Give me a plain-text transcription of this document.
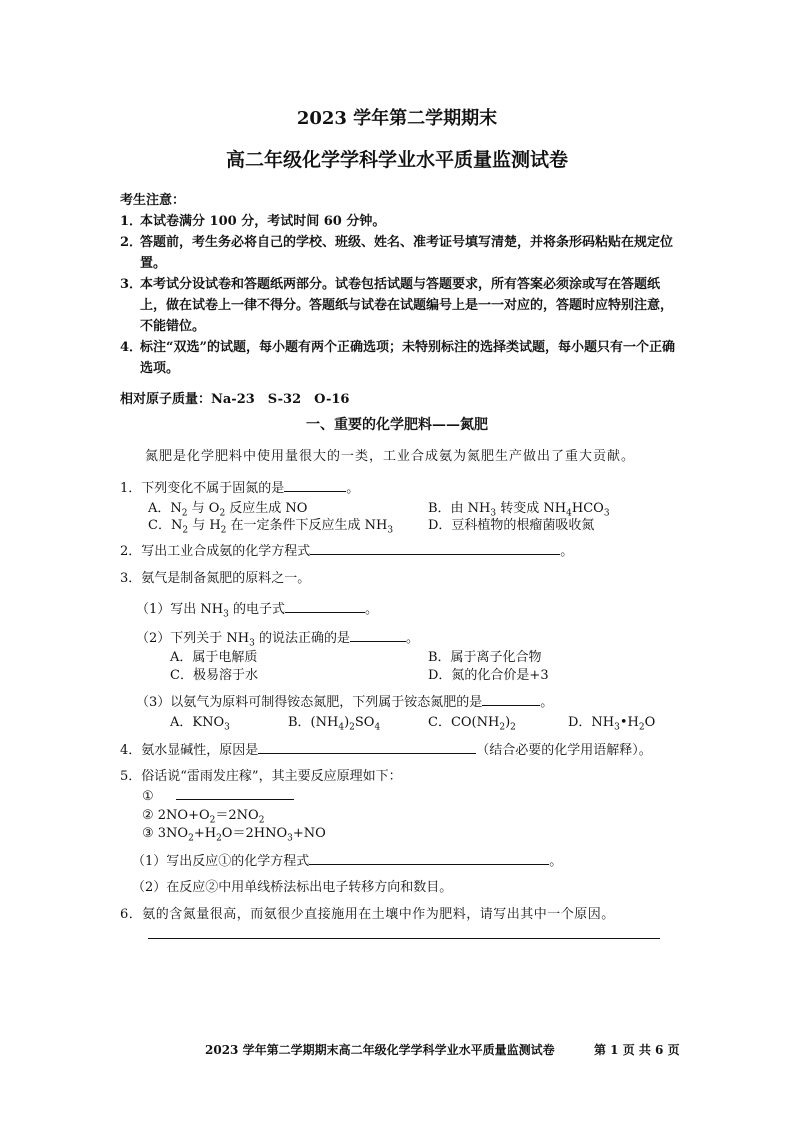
2023 学年第二学期期末
高二年级化学学科学业水平质量监测试卷
考生注意：
1．
本试卷满分 100 分，考试时间 60 分钟。
2．
答题前，考生务必将自己的学校、班级、姓名、准考证号填写清楚，并将条形码粘贴在规定位置。
3．
本考试分设试卷和答题纸两部分。试卷包括试题与答题要求，所有答案必须涂或写在答题纸上，做在试卷上一律不得分。答题纸与试卷在试题编号上是一一对应的，答题时应特别注意，不能错位。
4．
标注“双选”的试题，每小题有两个正确选项；未特别标注的选择类试题，每小题只有一个正确选项。
相对原子质量：Na-23　S-32　O-16
一、重要的化学肥料——氮肥
氮肥是化学肥料中使用量很大的一类，工业合成氨为氮肥生产做出了重大贡献。
1．下列变化不属于固氮的是	。
A．$N_2$ 与 $O_2$ 反应生成 NO	B．由 $NH_3$ 转变成 $NH_4HCO_3$
C．$N_2$ 与 $H_2$ 在一定条件下反应生成 $NH_3$	D．豆科植物的根瘤菌吸收氮
2．写出工业合成氨的化学方程式	。
3．氨气是制备氮肥的原料之一。
（1）写出 $NH_3$ 的电子式	。
（2）下列关于 $NH_3$ 的说法正确的是	。
A．属于电解质	B．属于离子化合物
C．极易溶于水	D．氮的化合价是+3
（3）以氨气为原料可制得铵态氮肥，下列属于铵态氮肥的是	。
A．$KNO_3$	B．$(NH_4)_2SO_4$	C．$CO(NH_2)_2$	D．$NH_3•H_2O$
4．氨水显碱性，原因是	（结合必要的化学用语解释）。
5．俗话说“雷雨发庄稼”，其主要反应原理如下：
①
② $2NO+O_2=2NO_2$
③ $3NO_2+H_2O=2HNO_3+NO$
（1）写出反应①的化学方程式	。
（2）在反应②中用单线桥法标出电子转移方向和数目。
6．氨的含氮量很高，而氨很少直接施用在土壤中作为肥料，请写出其中一个原因。
2023 学年第二学期期末高二年级化学学科学业水平质量监测试卷	第 1 页 共 6 页
